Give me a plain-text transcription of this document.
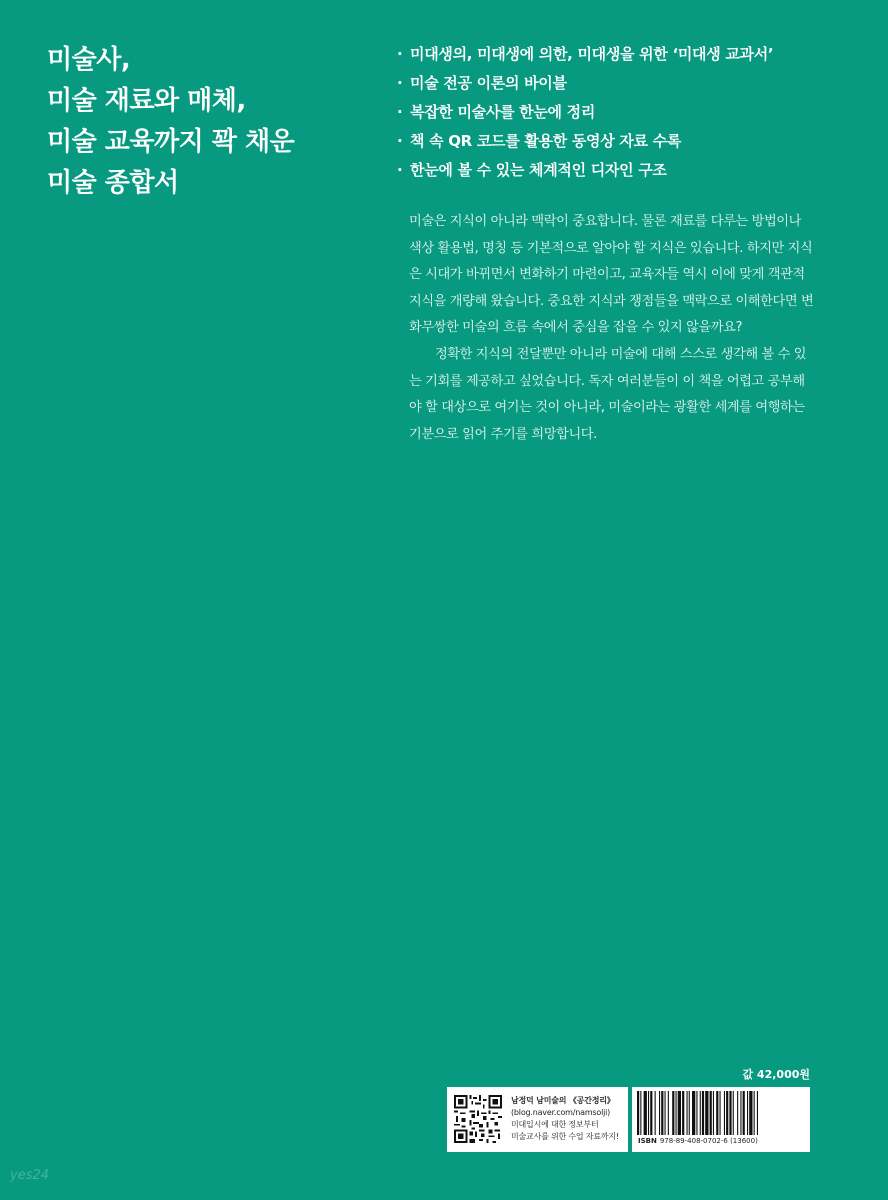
미술사,
미술 재료와 매체,
미술 교육까지 꽉 채운
미술 종합서
· 미대생의, 미대생에 의한, 미대생을 위한 ‘미대생 교과서’
· 미술 전공 이론의 바이블
· 복잡한 미술사를 한눈에 정리
· 책 속 QR 코드를 활용한 동영상 자료 수록
· 한눈에 볼 수 있는 체계적인 디자인 구조

미술은 지식이 아니라 맥락이 중요합니다. 물론 재료를 다루는 방법이나 색상 활용법, 명칭 등 기본적으로 알아야 할 지식은 있습니다. 하지만 지식은 시대가 바뀌면서 변화하기 마련이고, 교육자들 역시 이에 맞게 객관적 지식을 개량해 왔습니다. 중요한 지식과 쟁점들을 맥락으로 이해한다면 변화무쌍한 미술의 흐름 속에서 중심을 잡을 수 있지 않을까요?

정확한 지식의 전달뿐만 아니라 미술에 대해 스스로 생각해 볼 수 있는 기회를 제공하고 싶었습니다. 독자 여러분들이 이 책을 어렵고 공부해야 할 대상으로 여기는 것이 아니라, 미술이라는 광활한 세계를 여행하는 기분으로 읽어 주기를 희망합니다.

값 42,000원
남정덕 남미술의 《공간정리》
(blog.naver.com/namsolji)
미대입시에 대한 정보부터
미술교사를 위한 수업 자료까지!	ISBN 978-89-408-0702-6 (13600)
yes24
